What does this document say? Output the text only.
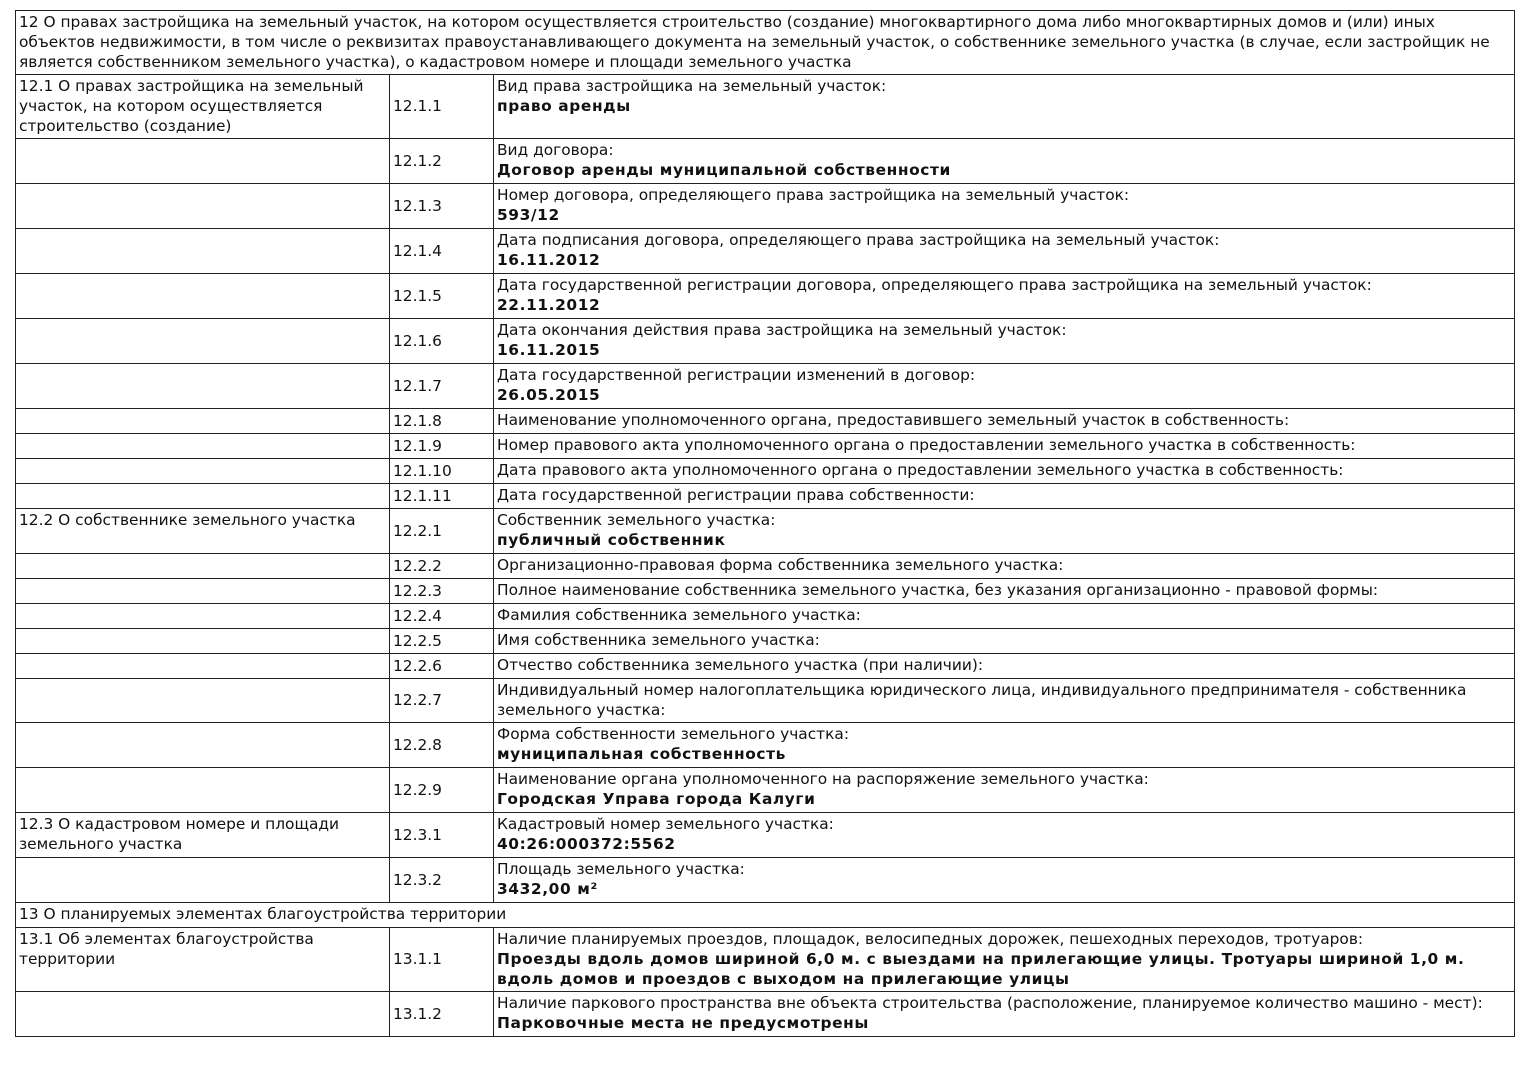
12 О правах застройщика на земельный участок, на котором осуществляется строительство (создание) многоквартирного дома либо многоквартирных домов и (или) иных объектов недвижимости, в том числе о реквизитах правоустанавливающего документа на земельный участок, о собственнике земельного участка (в случае, если застройщик не является собственником земельного участка), о кадастровом номере и площади земельного участка		
12.1 О правах застройщика на земельный участок, на котором осуществляется строительство (создание)	12.1.1	Вид права застройщика на земельный участок:
право аренды

	12.1.2	Вид договора:
Договор аренды муниципальной собственности

	12.1.3	Номер договора, определяющего права застройщика на земельный участок:
593/12

	12.1.4	Дата подписания договора, определяющего права застройщика на земельный участок:
16.11.2012

	12.1.5	Дата государственной регистрации договора, определяющего права застройщика на земельный участок:
22.11.2012

	12.1.6	Дата окончания действия права застройщика на земельный участок:
16.11.2015

	12.1.7	Дата государственной регистрации изменений в договор:
26.05.2015

	12.1.8	Наименование уполномоченного органа, предоставившего земельный участок в собственность:

	12.1.9	Номер правового акта уполномоченного органа о предоставлении земельного участка в собственность:

	12.1.10	Дата правового акта уполномоченного органа о предоставлении земельного участка в собственность:

	12.1.11	Дата государственной регистрации права собственности:

12.2 О собственнике земельного участка	12.2.1	Собственник земельного участка:
публичный собственник

	12.2.2	Организационно-правовая форма собственника земельного участка:

	12.2.3	Полное наименование собственника земельного участка, без указания организационно - правовой формы:

	12.2.4	Фамилия собственника земельного участка:

	12.2.5	Имя собственника земельного участка:

	12.2.6	Отчество собственника земельного участка (при наличии):

	12.2.7	Индивидуальный номер налогоплательщика юридического лица, индивидуального предпринимателя - собственника земельного участка:

	12.2.8	Форма собственности земельного участка:
муниципальная собственность

	12.2.9	Наименование органа уполномоченного на распоряжение земельного участка:
Городская Управа города Калуги

12.3 О кадастровом номере и площади земельного участка	12.3.1	Кадастровый номер земельного участка:
40:26:000372:5562

	12.3.2	Площадь земельного участка:
3432,00 м²

13 О планируемых элементах благоустройства территории		
13.1 Об элементах благоустройства территории	13.1.1	Наличие планируемых проездов, площадок, велосипедных дорожек, пешеходных переходов, тротуаров:
Проезды вдоль домов шириной 6,0 м. с выездами на прилегающие улицы. Тротуары шириной 1,0 м. вдоль домов и проездов с выходом на прилегающие улицы

	13.1.2	Наличие паркового пространства вне объекта строительства (расположение, планируемое количество машино - мест):
Парковочные места не предусмотрены
